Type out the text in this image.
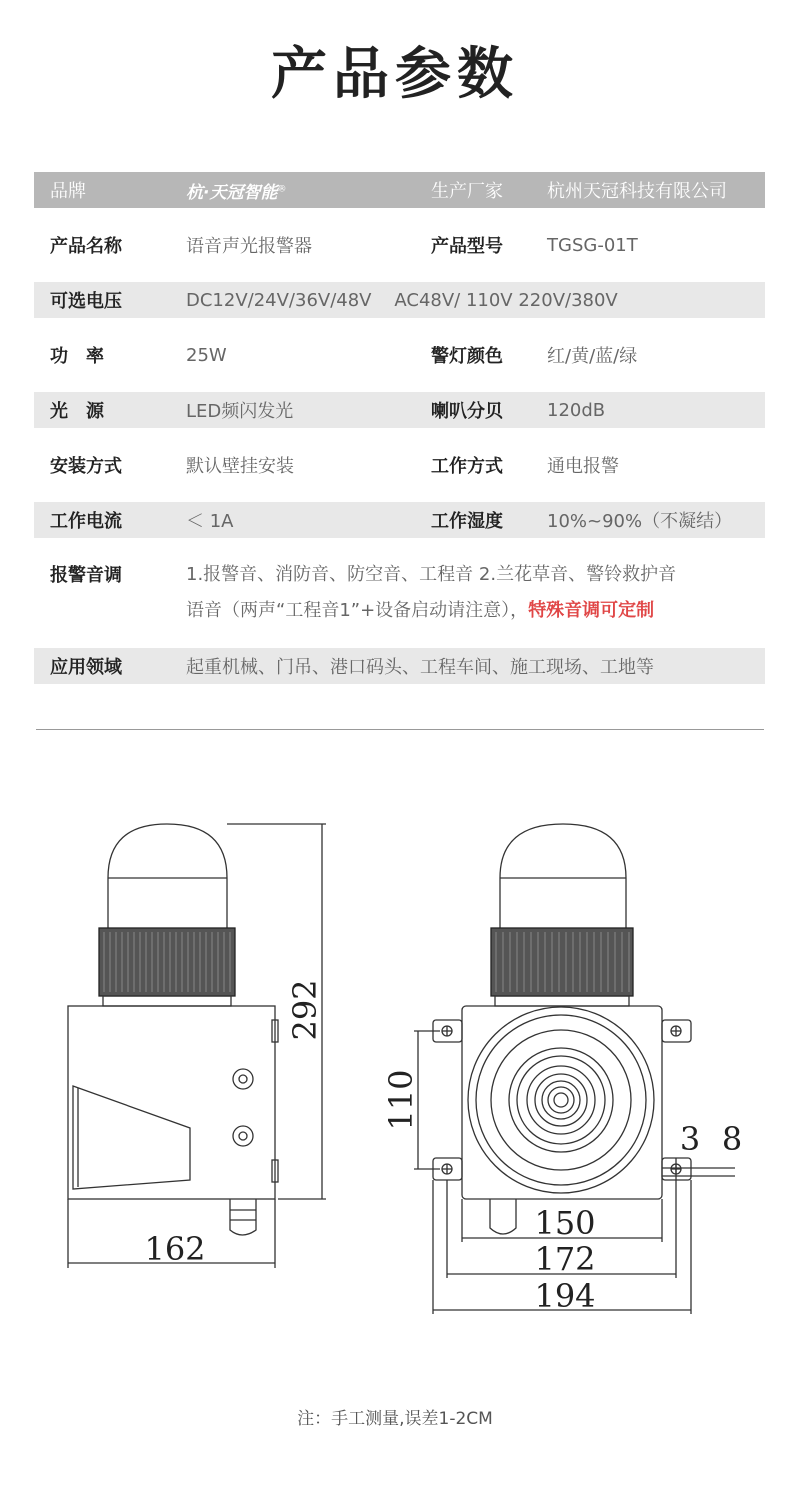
产品参数
品牌	杭·天冠智能®	生产厂家	杭州天冠科技有限公司
产品名称	语音声光报警器	产品型号	TGSG-01T
可选电压	DC12V/24V/36V/48V    AC48V/ 110V 220V/380V
功　率	25W	警灯颜色	红/黄/蓝/绿
光　源	LED频闪发光	喇叭分贝	120dB
安装方式	默认壁挂安装	工作方式	通电报警
工作电流	＜ 1A	工作湿度	10%~90%（不凝结）
报警音调	1.报警音、消防音、防空音、工程音 2.兰花草音、警铃救护音
语音（两声“工程音1”+设备启动请注意），特殊音调可定制
应用领域	起重机械、门吊、港口码头、工程车间、施工现场、工地等
292
162
110
3 8
150
172
194
注：手工测量,误差1-2CM
